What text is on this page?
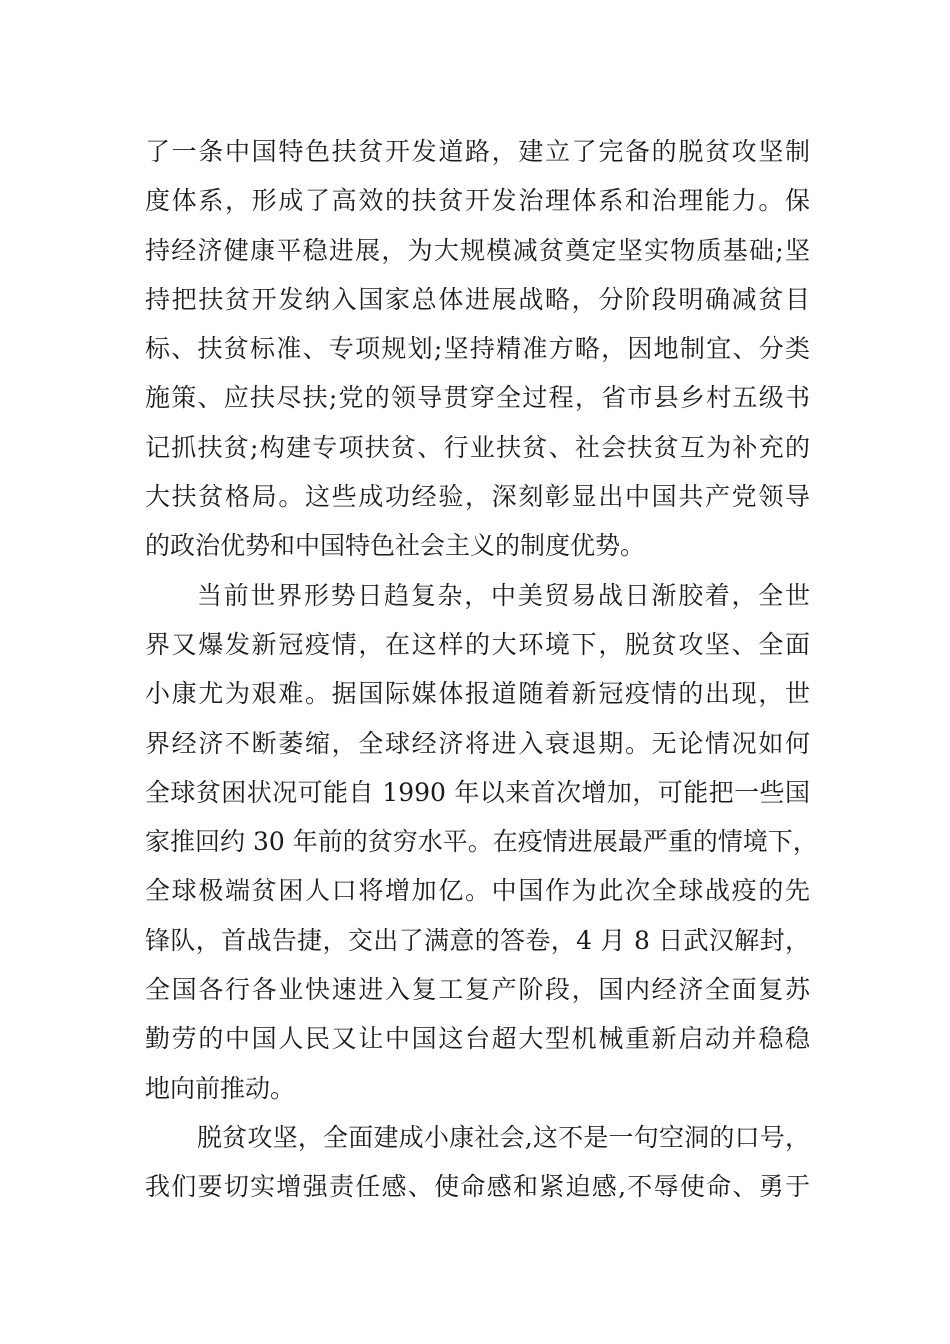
了一条中国特色扶贫开发道路，建立了完备的脱贫攻坚制
度体系，形成了高效的扶贫开发治理体系和治理能力。保
持经济健康平稳进展，为大规模减贫奠定坚实物质基础;坚
持把扶贫开发纳入国家总体进展战略，分阶段明确减贫目
标、扶贫标准、专项规划;坚持精准方略，因地制宜、分类
施策、应扶尽扶;党的领导贯穿全过程，省市县乡村五级书
记抓扶贫;构建专项扶贫、行业扶贫、社会扶贫互为补充的
大扶贫格局。这些成功经验，深刻彰显出中国共产党领导
的政治优势和中国特色社会主义的制度优势。
当前世界形势日趋复杂，中美贸易战日渐胶着，全世
界又爆发新冠疫情，在这样的大环境下，脱贫攻坚、全面
小康尤为艰难。据国际媒体报道随着新冠疫情的出现，世
界经济不断萎缩，全球经济将进入衰退期。无论情况如何
全球贫困状况可能自 1990 年以来首次增加，可能把一些国
家推回约 30 年前的贫穷水平。在疫情进展最严重的情境下，
全球极端贫困人口将增加亿。中国作为此次全球战疫的先
锋队，首战告捷，交出了满意的答卷，4 月 8 日武汉解封，
全国各行各业快速进入复工复产阶段，国内经济全面复苏
勤劳的中国人民又让中国这台超大型机械重新启动并稳稳
地向前推动。
脱贫攻坚，全面建成小康社会,这不是一句空洞的口号，
我们要切实增强责任感、使命感和紧迫感,不辱使命、勇于
